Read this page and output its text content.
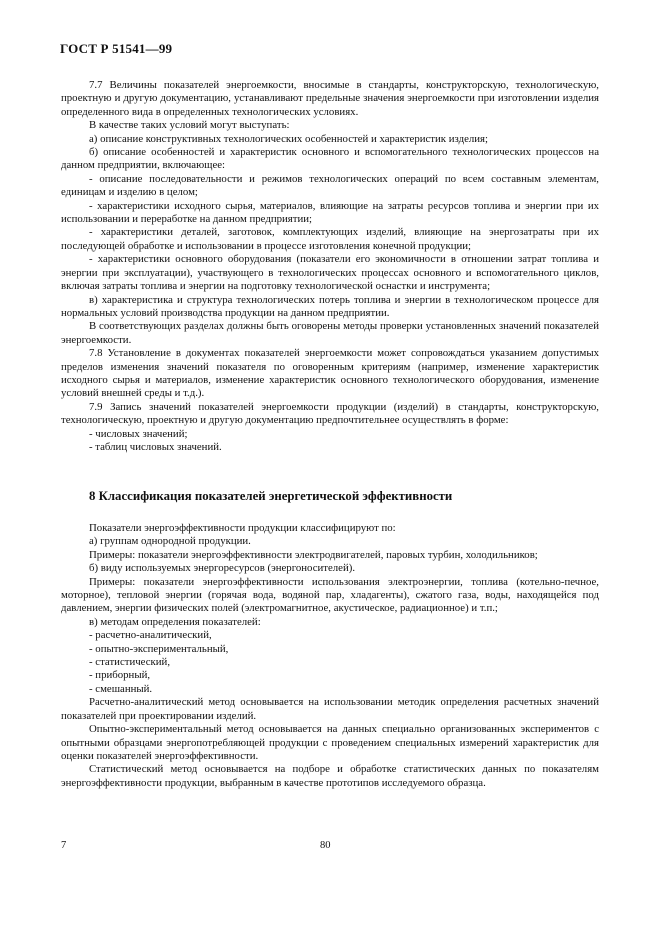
ГОСТ Р 51541—99

7.7 Величины показателей энергоемкости, вносимые в стандарты, конструкторскую, технологическую, проектную и другую документацию, устанавливают предельные значения энергоемкости при изготовлении изделия определенного вида в определенных технологических условиях.

В качестве таких условий могут выступать:

а) описание конструктивных технологических особенностей и характеристик изделия;

б) описание особенностей и характеристик основного и вспомогательного технологических процессов на данном предприятии, включающее:

- описание последовательности и режимов технологических операций по всем составным элементам, единицам и изделию в целом;

- характеристики исходного сырья, материалов, влияющие на затраты ресурсов топлива и энергии при их использовании и переработке на данном предприятии;

- характеристики деталей, заготовок, комплектующих изделий, влияющие на энергозатраты при их последующей обработке и использовании в процессе изготовления конечной продукции;

- характеристики основного оборудования (показатели его экономичности в отношении затрат топлива и энергии при эксплуатации), участвующего в технологических процессах основного и вспомогательного циклов, включая затраты топлива и энергии на подготовку технологической оснастки и инструмента;

в) характеристика и структура технологических потерь топлива и энергии в технологическом процессе для нормальных условий производства продукции на данном предприятии.

В соответствующих разделах должны быть оговорены методы проверки установленных значений показателей энергоемкости.

7.8 Установление в документах показателей энергоемкости может сопровождаться указанием допустимых пределов изменения значений показателя по оговоренным критериям (например, изменение характеристик исходного сырья и материалов, изменение характеристик основного технологического оборудования, изменение условий внешней среды и т.д.).

7.9 Запись значений показателей энергоемкости продукции (изделий) в стандарты, конструкторскую, технологическую, проектную и другую документацию предпочтительнее осуществлять в форме:

- числовых значений;

- таблиц числовых значений.

8 Классификация показателей энергетической эффективности

Показатели энергоэффективности продукции классифицируют по:

а) группам однородной продукции.

Примеры: показатели энергоэффективности электродвигателей, паровых турбин, холодильников;

б) виду используемых энергоресурсов (энергоносителей).

Примеры: показатели энергоэффективности использования электроэнергии, топлива (котельно-печное, моторное), тепловой энергии (горячая вода, водяной пар, хладагенты), сжатого газа, воды, находящейся под давлением, энергии физических полей (электромагнитное, акустическое, радиационное) и т.п.;

в) методам определения показателей:

- расчетно-аналитический,

- опытно-экспериментальный,

- статистический,

- приборный,

- смешанный.

Расчетно-аналитический метод основывается на использовании методик определения расчетных значений показателей при проектировании изделий.

Опытно-экспериментальный метод основывается на данных специально организованных экспериментов с опытными образцами энергопотребляющей продукции с проведением специальных измерений характеристик для оценки показателей энергоэффективности.

Статистический метод основывается на подборе и обработке статистических данных по показателям энергоэффективности продукции, выбранным в качестве прототипов исследуемого образца.

7	80
